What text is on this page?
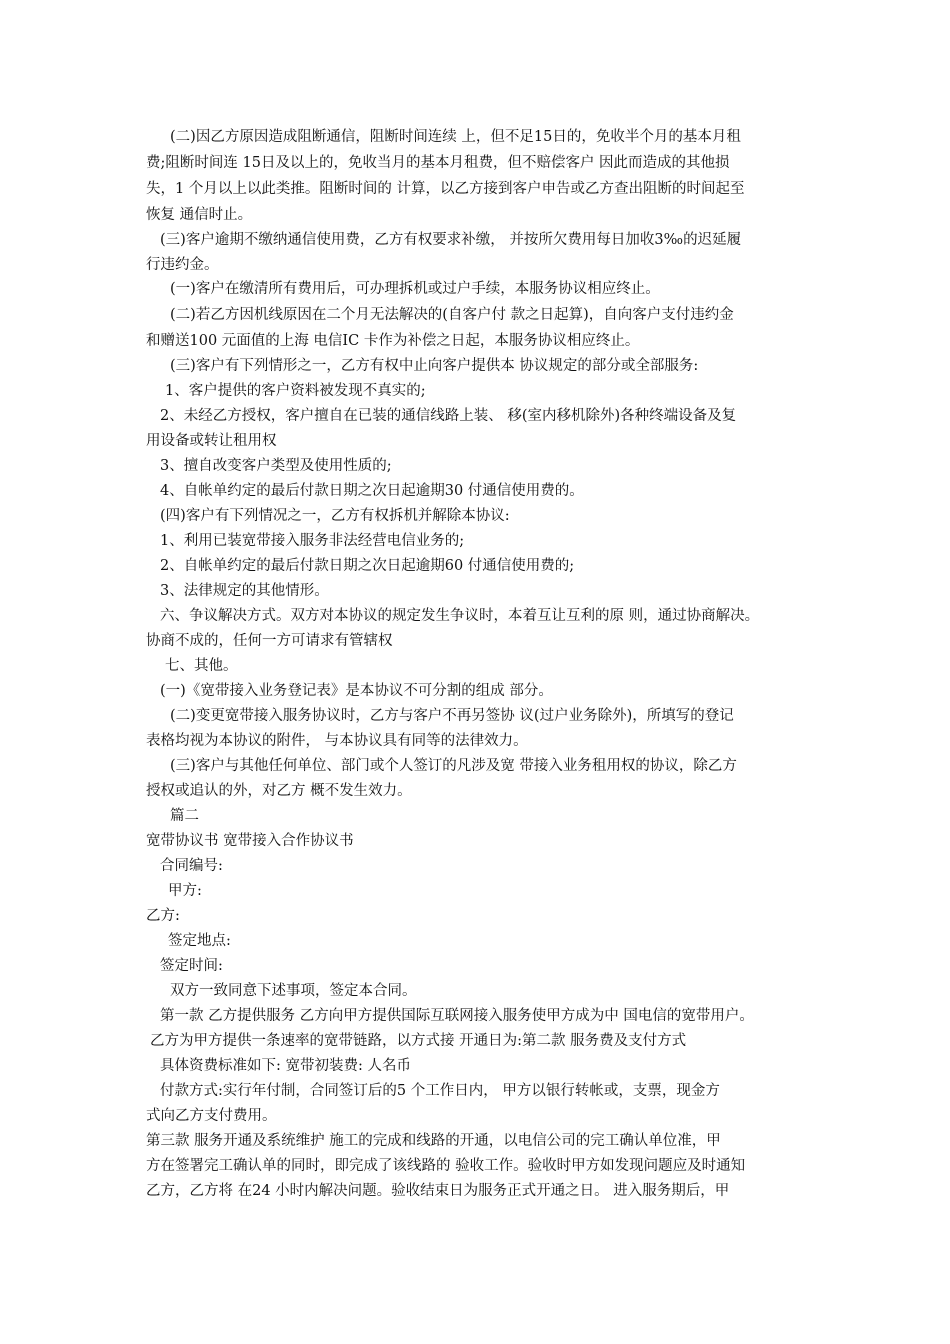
(二)因乙方原因造成阻断通信，阻断时间连续 上，但不足15日的，免收半个月的基本月租
费;阻断时间连 15日及以上的，免收当月的基本月租费，但不赔偿客户 因此而造成的其他损
失，1 个月以上以此类推。阻断时间的 计算，以乙方接到客户申告或乙方查出阻断的时间起至
恢复 通信时止。
(三)客户逾期不缴纳通信使用费，乙方有权要求补缴， 并按所欠费用每日加收3‰的迟延履
行违约金。
(一)客户在缴清所有费用后，可办理拆机或过户手续，本服务协议相应终止。
(二)若乙方因机线原因在二个月无法解决的(自客户付 款之日起算)，自向客户支付违约金
和赠送100 元面值的上海 电信IC 卡作为补偿之日起，本服务协议相应终止。
(三)客户有下列情形之一，乙方有权中止向客户提供本 协议规定的部分或全部服务:
1、客户提供的客户资料被发现不真实的;
2、未经乙方授权，客户擅自在已装的通信线路上装、 移(室内移机除外)各种终端设备及复
用设备或转让租用权
3、擅自改变客户类型及使用性质的;
4、自帐单约定的最后付款日期之次日起逾期30 付通信使用费的。
(四)客户有下列情况之一，乙方有权拆机并解除本协议:
1、利用已装宽带接入服务非法经营电信业务的;
2、自帐单约定的最后付款日期之次日起逾期60 付通信使用费的;
3、法律规定的其他情形。
六、争议解决方式。双方对本协议的规定发生争议时，本着互让互利的原 则，通过协商解决。
协商不成的，任何一方可请求有管辖权
七、其他。
(一)《宽带接入业务登记表》是本协议不可分割的组成 部分。
(二)变更宽带接入服务协议时，乙方与客户不再另签协 议(过户业务除外)，所填写的登记
表格均视为本协议的附件， 与本协议具有同等的法律效力。
(三)客户与其他任何单位、部门或个人签订的凡涉及宽 带接入业务租用权的协议，除乙方
授权或追认的外，对乙方 概不发生效力。
篇二
宽带协议书 宽带接入合作协议书
合同编号:
甲方:
乙方:
签定地点:
签定时间:
双方一致同意下述事项，签定本合同。
第一款 乙方提供服务 乙方向甲方提供国际互联网接入服务使甲方成为中 国电信的宽带用户。
乙方为甲方提供一条速率的宽带链路，以方式接 开通日为:第二款 服务费及支付方式
具体资费标准如下: 宽带初装费: 人名币
付款方式:实行年付制，合同签订后的5 个工作日内， 甲方以银行转帐或，支票，现金方
式向乙方支付费用。
第三款 服务开通及系统维护 施工的完成和线路的开通，以电信公司的完工确认单位准，甲
方在签署完工确认单的同时，即完成了该线路的 验收工作。验收时甲方如发现问题应及时通知
乙方，乙方将 在24 小时内解决问题。验收结束日为服务正式开通之日。 进入服务期后，甲
